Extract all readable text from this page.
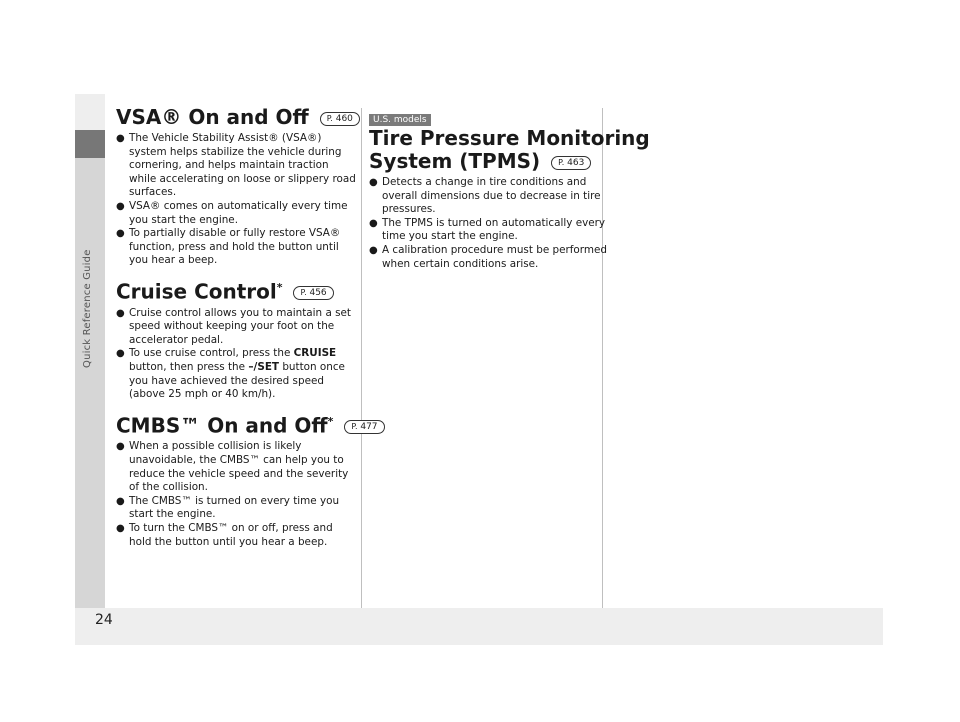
Quick Reference Guide
24
VSA® On and Off P. 460
● The Vehicle Stability Assist® (VSA®) system helps stabilize the vehicle during cornering, and helps maintain traction while accelerating on loose or slippery road surfaces.
● VSA® comes on automatically every time you start the engine.
● To partially disable or fully restore VSA® function, press and hold the button until you hear a beep.
Cruise Control* P. 456
● Cruise control allows you to maintain a set speed without keeping your foot on the accelerator pedal.
● To use cruise control, press the CRUISE button, then press the –/SET button once you have achieved the desired speed (above 25 mph or 40 km/h).
CMBS™ On and Off* P. 477
● When a possible collision is likely unavoidable, the CMBS™ can help you to reduce the vehicle speed and the severity of the collision.
● The CMBS™ is turned on every time you start the engine.
● To turn the CMBS™ on or off, press and hold the button until you hear a beep.
U.S. models
Tire Pressure Monitoring
System (TPMS) P. 463
● Detects a change in tire conditions and overall dimensions due to decrease in tire pressures.
● The TPMS is turned on automatically every time you start the engine.
● A calibration procedure must be performed when certain conditions arise.
